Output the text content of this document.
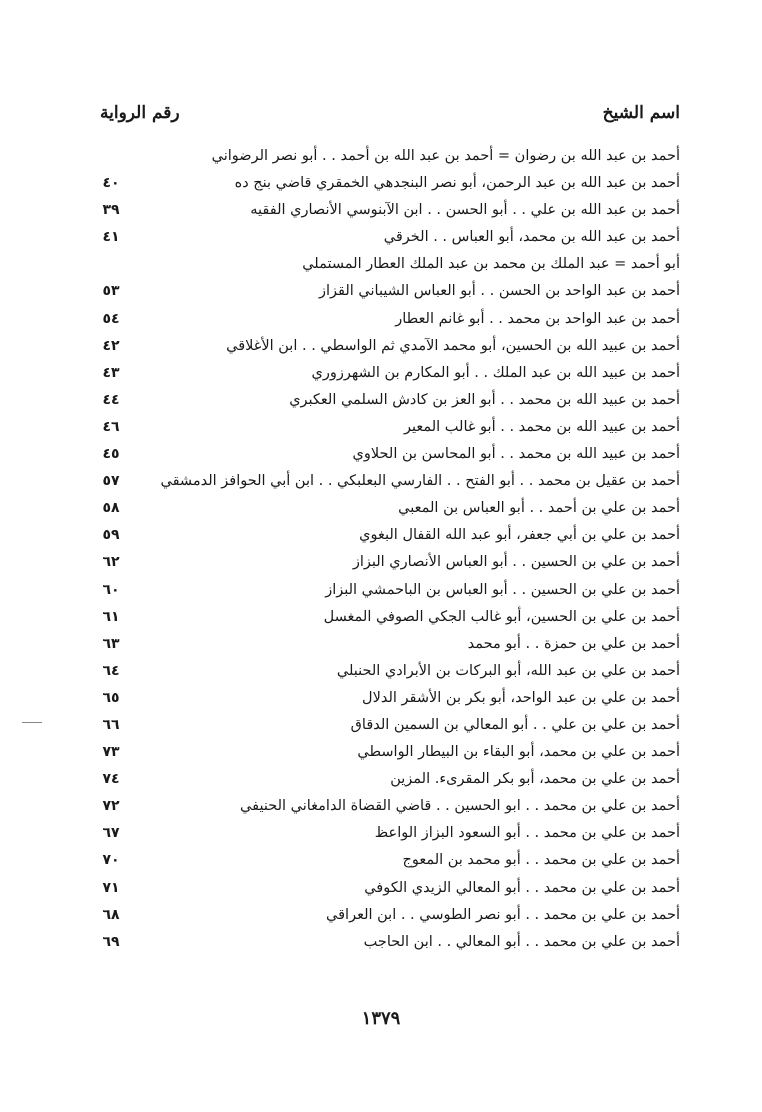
اسم الشيخ
رقم الرواية
أحمد بن عبد الله بن رضوان = أحمد بن عبد الله بن أحمد . . أبو نصر الرضواني
أحمد بن عبد الله بن عبد الرحمن، أبو نصر البنجدهي الخمقري قاضي بنج ده
٤٠
أحمد بن عبد الله بن علي . . أبو الحسن . . ابن الآبنوسي الأنصاري الفقيه
٣٩
أحمد بن عبد الله بن محمد، أبو العباس . . الخرقي
٤١
أبو أحمد = عبد الملك بن محمد بن عبد الملك العطار المستملي
أحمد بن عبد الواحد بن الحسن . . أبو العباس الشيباني القزاز
٥٣
أحمد بن عبد الواحد بن محمد . . أبو غانم العطار
٥٤
أحمد بن عبيد الله بن الحسين، أبو محمد الآمدي ثم الواسطي . . ابن الأغلاقي
٤٢
أحمد بن عبيد الله بن عبد الملك . . أبو المكارم بن الشهرزوري
٤٣
أحمد بن عبيد الله بن محمد . . أبو العز بن كادش السلمي العكبري
٤٤
أحمد بن عبيد الله بن محمد . . أبو غالب المعير
٤٦
أحمد بن عبيد الله بن محمد . . أبو المحاسن بن الحلاوي
٤٥
أحمد بن عقيل بن محمد . . أبو الفتح . . الفارسي البعلبكي . . ابن أبي الحوافز الدمشقي
٥٧
أحمد بن علي بن أحمد . . أبو العباس بن المعبي
٥٨
أحمد بن علي بن أبي جعفر، أبو عبد الله القفال البغوي
٥٩
أحمد بن علي بن الحسين . . أبو العباس الأنصاري البزاز
٦٢
أحمد بن علي بن الحسين . . أبو العباس بن الباحمشي البزاز
٦٠
أحمد بن علي بن الحسين، أبو غالب الجكي الصوفي المغسل
٦١
أحمد بن علي بن حمزة . . أبو محمد
٦٣
أحمد بن علي بن عبد الله، أبو البركات بن الأبرادي الحنبلي
٦٤
أحمد بن علي بن عبد الواحد، أبو بكر بن الأشقر الدلال
٦٥
أحمد بن علي بن علي . . أبو المعالي بن السمين الدقاق
٦٦
أحمد بن علي بن محمد، أبو البقاء بن البيطار الواسطي
٧٣
أحمد بن علي بن محمد، أبو بكر المقرىء. المزين
٧٤
أحمد بن علي بن محمد . . ابو الحسين . . قاضي القضاة الدامغاني الحنيفي
٧٢
أحمد بن علي بن محمد . . أبو السعود البزاز الواعظ
٦٧
أحمد بن علي بن محمد . . أبو محمد بن المعوج
٧٠
أحمد بن علي بن محمد . . أبو المعالي الزيدي الكوفي
٧١
أحمد بن علي بن محمد . . أبو نصر الطوسي . . ابن العراقي
٦٨
أحمد بن علي بن محمد . . أبو المعالي . . ابن الحاجب
٦٩
١٣٧٩
